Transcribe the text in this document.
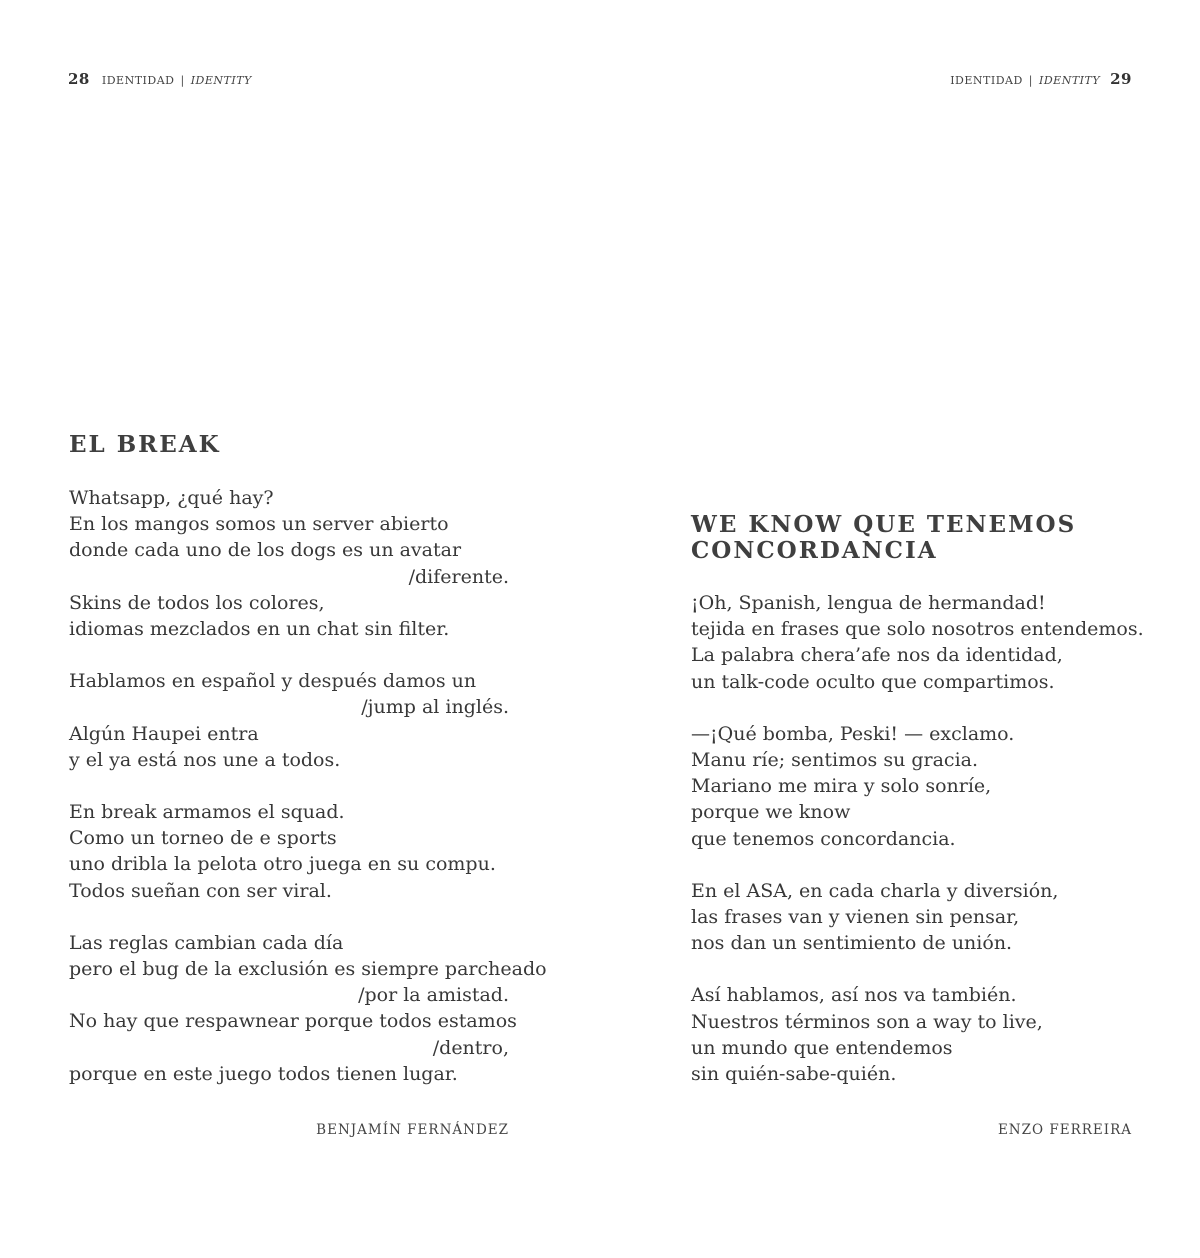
28 IDENTIDAD | IDENTITY
EL BREAK
Whatsapp, ¿qué hay?
En los mangos somos un server abierto
donde cada uno de los dogs es un avatar
/diferente.
Skins de todos los colores,
idiomas mezclados en un chat sin filter.
Hablamos en español y después damos un
/jump al inglés.
Algún Haupei entra
y el ya está nos une a todos.
En break armamos el squad.
Como un torneo de e sports
uno dribla la pelota otro juega en su compu.
Todos sueñan con ser viral.
Las reglas cambian cada día
pero el bug de la exclusión es siempre parcheado
/por la amistad.
No hay que respawnear porque todos estamos
/dentro,
porque en este juego todos tienen lugar.
BENJAMÍN FERNÁNDEZ
IDENTIDAD | IDENTITY 29
WE KNOW QUE TENEMOS
CONCORDANCIA
¡Oh, Spanish, lengua de hermandad!
tejida en frases que solo nosotros entendemos.
La palabra chera’afe nos da identidad,
un talk-code oculto que compartimos.
—¡Qué bomba, Peski! — exclamo.
Manu ríe; sentimos su gracia.
Mariano me mira y solo sonríe,
porque we know
que tenemos concordancia.
En el ASA, en cada charla y diversión,
las frases van y vienen sin pensar,
nos dan un sentimiento de unión.
Así hablamos, así nos va también.
Nuestros términos son a way to live,
un mundo que entendemos
sin quién-sabe-quién.
ENZO FERREIRA
